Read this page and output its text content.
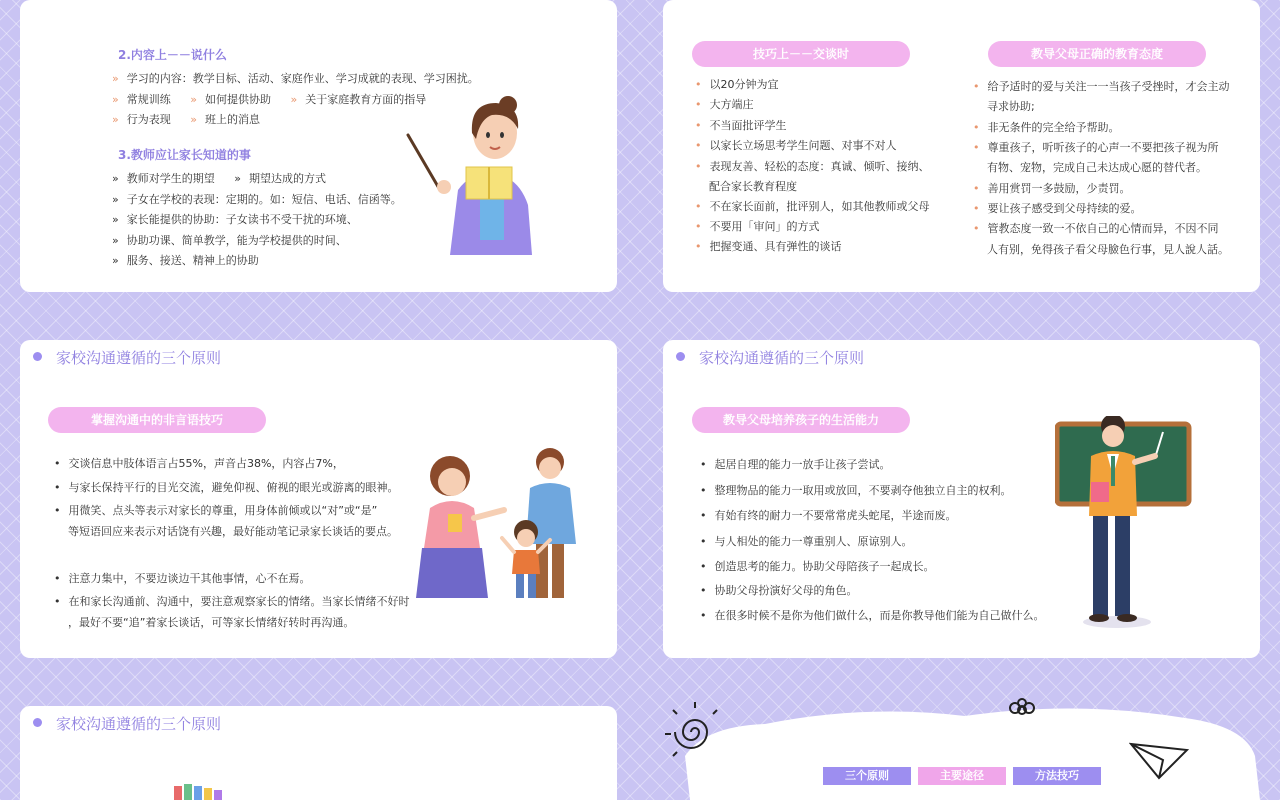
2.内容上－－说什么
» 学习的内容：教学目标、活动、家庭作业、学习成就的表现、学习困扰。
» 常规训练 » 如何提供协助 » 关于家庭教育方面的指导
» 行为表现 » 班上的消息
3.教师应让家长知道的事
» 教师对学生的期望 » 期望达成的方式
» 子女在学校的表现：定期的。如：短信、电话、信函等。
» 家长能提供的协助：子女读书不受干扰的环境、
» 协助功课、简单教学，能为学校提供的时间、
» 服务、接送、精神上的协助
技巧上－－交谈时	教导父母正确的教育态度
• 以20分钟为宜
• 大方端庄
• 不当面批评学生
• 以家长立场思考学生问题、对事不对人
• 表现友善、轻松的态度：真诚、倾听、接纳、
配合家长教育程度
• 不在家长面前，批评别人，如其他教师或父母
• 不要用「审问」的方式
• 把握变通、具有弹性的谈话
• 给予适时的爱与关注一一当孩子受挫时，才会主动
寻求协助;
• 非无条件的完全给予帮助。
• 尊重孩子，听听孩子的心声一不要把孩子视为所
有物、宠物，完成自己未达成心愿的替代者。
• 善用赏罚一多鼓励，少责罚。
• 要让孩子感受到父母持续的爱。
• 管教态度一致一不依自己的心情而异，不因不同
人有别，免得孩子看父母臉色行事，見人說人話。
家校沟通遵循的三个原则
掌握沟通中的非言语技巧
• 交谈信息中肢体语言占55%，声音占38%，内容占7%，
• 与家长保持平行的目光交流，避免仰视、俯视的眼光或游离的眼神。
• 用微笑、点头等表示对家长的尊重，用身体前倾或以“对”或“是”
等短语回应来表示对话饶有兴趣，最好能动笔记录家长谈话的要点。
• 注意力集中，不要边谈边干其他事情，心不在焉。
• 在和家长沟通前、沟通中，要注意观察家长的情绪。当家长情绪不好时
，最好不要“追”着家长谈话，可等家长情绪好转时再沟通。
家校沟通遵循的三个原则
教导父母培养孩子的生活能力
• 起居自理的能力一放手让孩子尝试。
• 整理物品的能力一取用或放回，不要剥夺他独立自主的权利。
• 有始有终的耐力一不要常常虎头蛇尾，半途而废。
• 与人相处的能力一尊重别人、原谅别人。
• 创造思考的能力。协助父母陪孩子一起成长。
• 协助父母扮演好父母的角色。
• 在很多时候不是你为他们做什么，而是你教导他们能为自己做什么。
家校沟通遵循的三个原则
三个原则	主要途径	方法技巧
